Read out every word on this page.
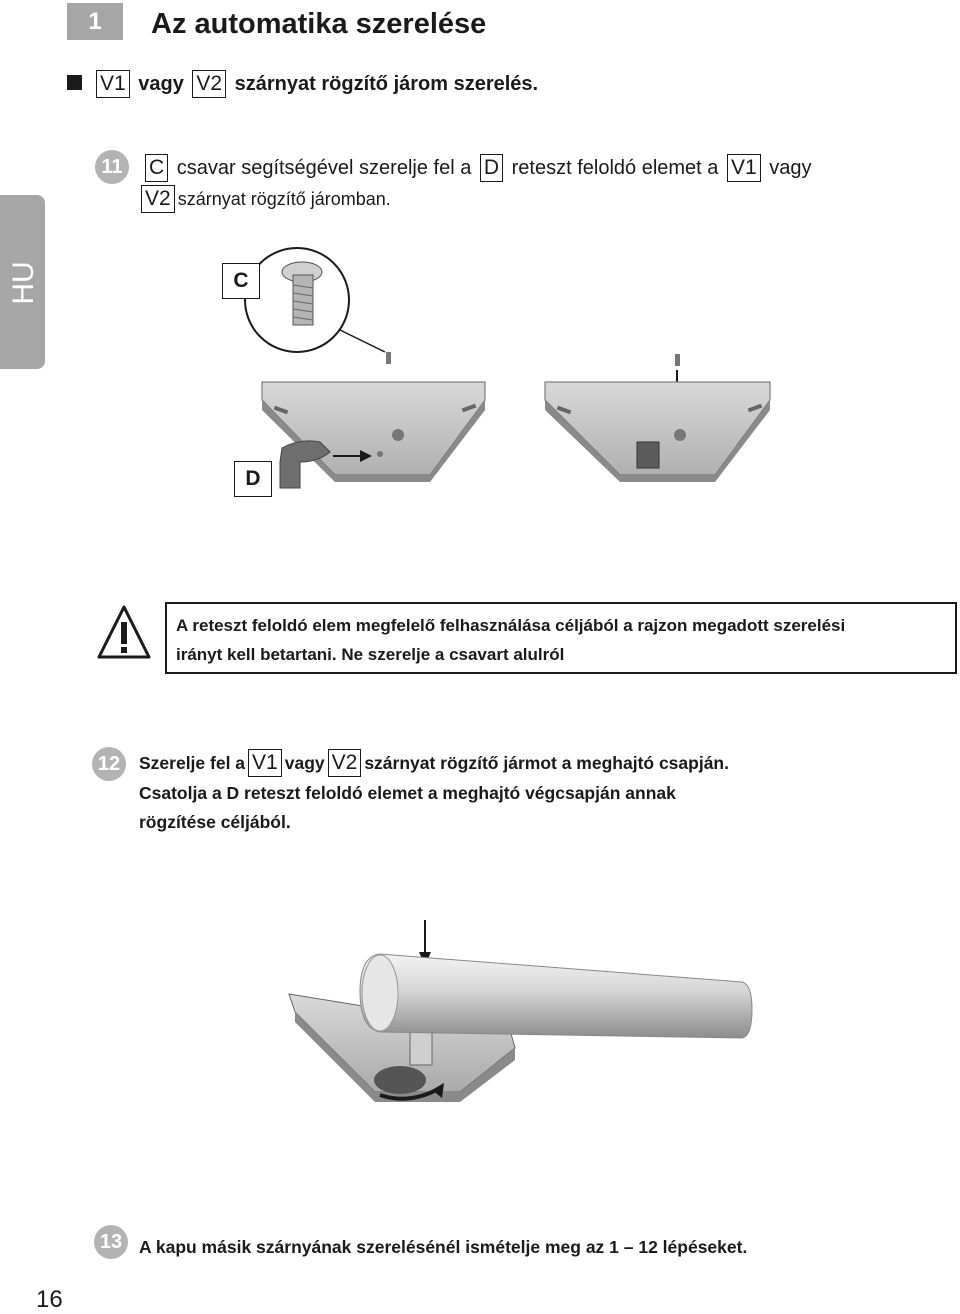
1	Az automatika szerelése
V1 vagy V2 szárnyat rögzítő járom szerelés.
HU
11	C csavar segítségével szerelje fel a D reteszt feloldó elemet a V1 vagy
V2 szárnyat rögzítő járomban.
C
D
A reteszt feloldó elem megfelelő felhasználása céljából a rajzon megadott szerelési
irányt kell betartani. Ne szerelje a csavart alulról
12	Szerelje fel a V1 vagy V2 szárnyat rögzítő jármot a meghajtó csapján.
Csatolja a D reteszt feloldó elemet a meghajtó végcsapján annak
rögzítése céljából.
13 A kapu másik szárnyának szerelésénél ismételje meg az 1 – 12 lépéseket.
16
